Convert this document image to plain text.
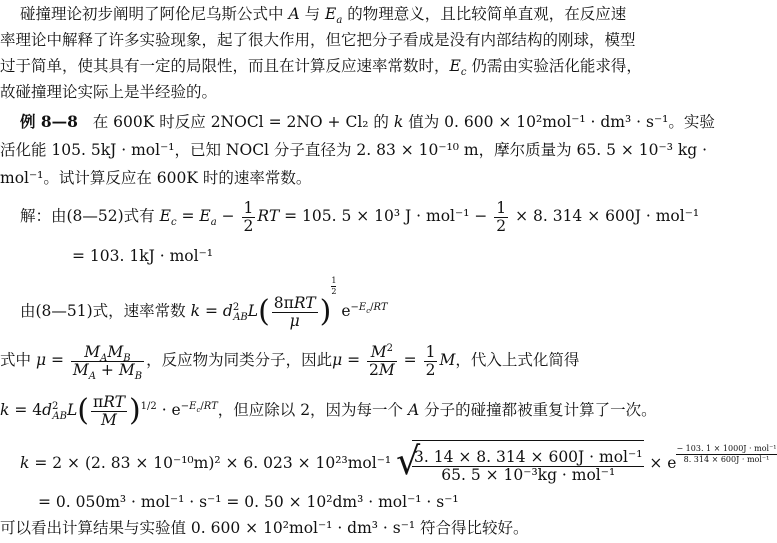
碰撞理论初步阐明了阿伦尼乌斯公式中 A 与 $E_a$ 的物理意义，且比较简单直观，在反应速
率理论中解释了许多实验现象，起了很大作用，但它把分子看成是没有内部结构的刚球，模型
过于简单，使其具有一定的局限性，而且在计算反应速率常数时，$E_c$ 仍需由实验活化能求得，
故碰撞理论实际上是半经验的。
例 8—8 在 600K 时反应 2NOCl = 2NO + Cl₂ 的 k 值为 0. 600 × 10²mol⁻¹ · dm³ · s⁻¹。实验
活化能 105. 5kJ · mol⁻¹，已知 NOCl 分子直径为 2. 83 × 10⁻¹⁰ m，摩尔质量为 65. 5 × 10⁻³ kg ·
mol⁻¹。试计算反应在 600K 时的速率常数。
解：由(8—52)式有 $E_c = E_a - \frac{1}{2}$ RT = 105. 5 × 10³ $J \cdot mol^{-1} - \frac{1}{2} \times 8$. 314 × 600J · mol⁻¹
= 103. 1kJ · mol⁻¹
由(8—51)式，速率常数 $k = d^2_{AB}L( \frac{\text{8πRT}}{\mu}$ )
$^{\frac{1}{2}}$
$e^{-E_c/RT}$
式中 $\mu = \frac{M_AM_B}{M_A + M_B}$ ，反应物为同类分子，因此$\mu = \frac{M^2}{2M} = \frac{1}{2}$ M，代入上式化简得
$k = 4d^2_{AB}L( \frac{\text{πRT}}{M} )^{1/2} \cdot e^{-E_c/RT}$，但应除以 2，因为每一个 A 分子的碰撞都被重复计算了一次。
k = 2 × (2. 83 × 10⁻¹⁰m)² × 6. 023 × 10²³mol⁻¹ √
$\frac{\text{3. 14 × 8. 314 × 600J · mol⁻¹}}{\text{65. 5 × 10⁻³kg · mol⁻¹}} \times e$
− 103. 1 × 1000J · mol⁻¹
8. 314 × 600J · mol⁻¹
= 0. 050m³ · mol⁻¹ · s⁻¹ = 0. 50 × 10²dm³ · mol⁻¹ · s⁻¹
可以看出计算结果与实验值 0. 600 × 10²mol⁻¹ · dm³ · s⁻¹ 符合得比较好。
